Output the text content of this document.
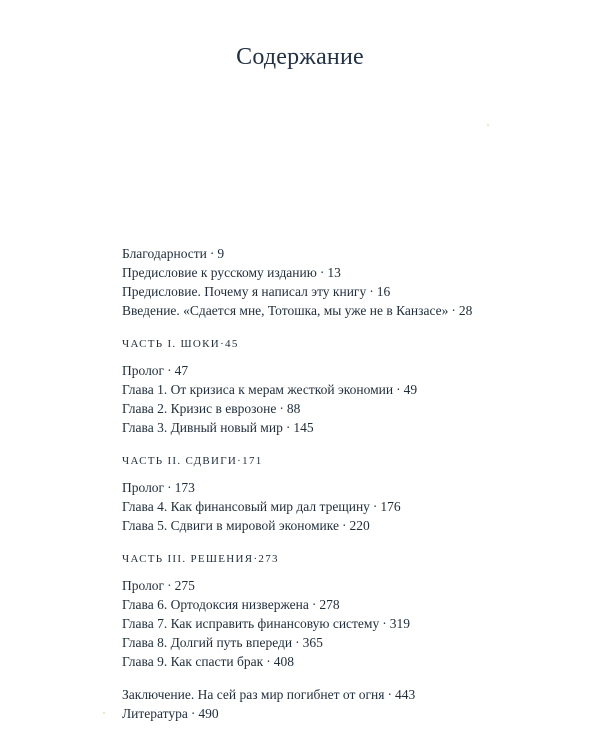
Содержание
Благодарности · 9
Предисловие к русскому изданию · 13
Предисловие. Почему я написал эту книгу · 16
Введение. «Сдается мне, Тотошка, мы уже не в Канзасе» · 28
ЧАСТЬ I. ШОКИ·45
Пролог · 47
Глава 1. От кризиса к мерам жесткой экономии · 49
Глава 2. Кризис в еврозоне · 88
Глава 3. Дивный новый мир · 145
ЧАСТЬ II. СДВИГИ·171
Пролог · 173
Глава 4. Как финансовый мир дал трещину · 176
Глава 5. Сдвиги в мировой экономике · 220
ЧАСТЬ III. РЕШЕНИЯ·273
Пролог · 275
Глава 6. Ортодоксия низвержена · 278
Глава 7. Как исправить финансовую систему · 319
Глава 8. Долгий путь впереди · 365
Глава 9. Как спасти брак · 408
Заключение. На сей раз мир погибнет от огня · 443
Литература · 490
